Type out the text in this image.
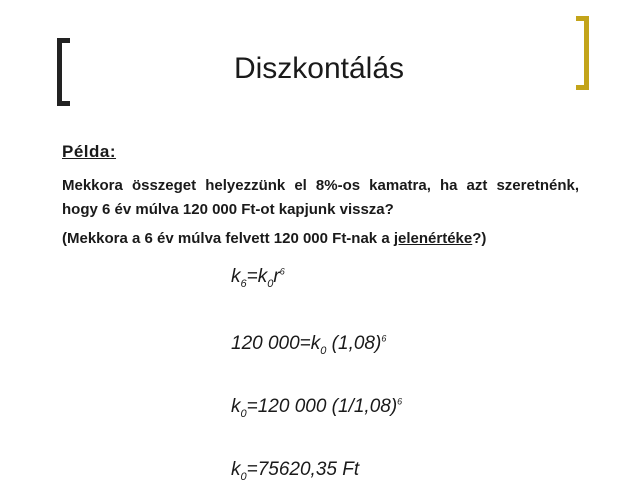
Diszkontálás
Példa:
Mekkora összeget helyezzünk el 8%-os kamatra, ha azt szeretnénk, hogy 6 év múlva 120 000 Ft-ot kapjunk vissza?
(Mekkora a 6 év múlva felvett 120 000 Ft-nak a jelenértéke?)
$k_6=k_0r^6$
120 $000=k_0$ $(1,08)^6$
$k_0=120$ 000 $(1/1,08)^6$
$k_0=75620,35$ Ft
